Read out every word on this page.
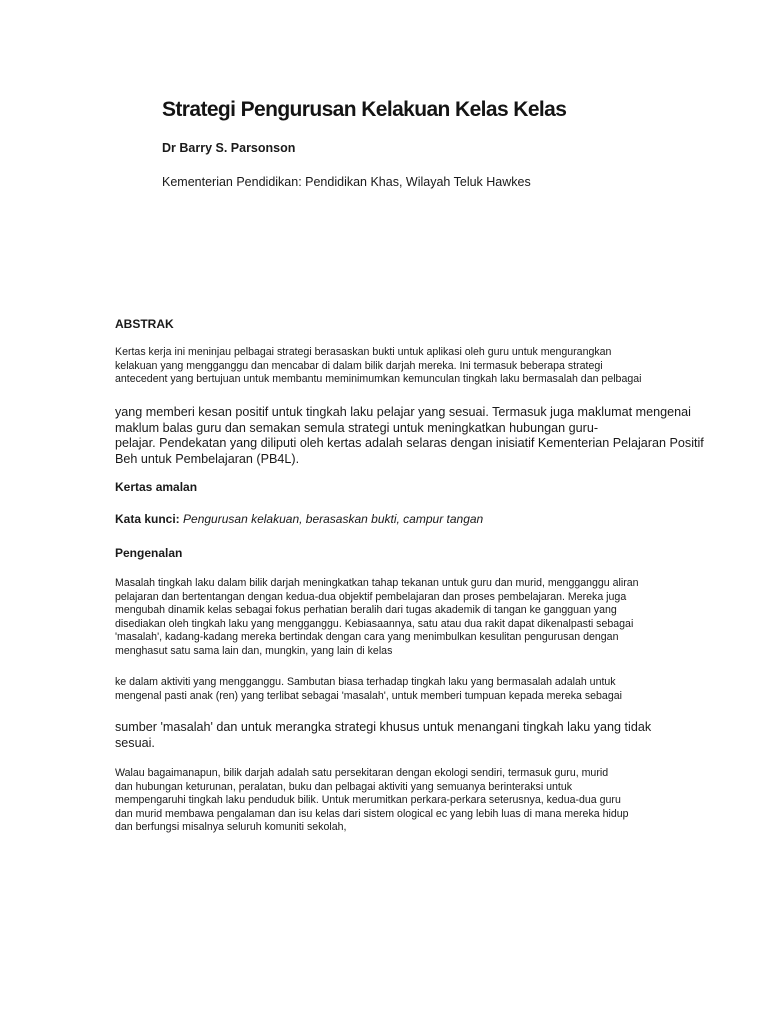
Strategi Pengurusan Kelakuan Kelas Kelas

Dr Barry S. Parsonson

Kementerian Pendidikan: Pendidikan Khas, Wilayah Teluk Hawkes

ABSTRAK

Kertas kerja ini meninjau pelbagai strategi berasaskan bukti untuk aplikasi oleh guru untuk mengurangkan
kelakuan yang mengganggu dan mencabar di dalam bilik darjah mereka. Ini termasuk beberapa strategi
antecedent yang bertujuan untuk membantu meminimumkan kemunculan tingkah laku bermasalah dan pelbagai

yang memberi kesan positif untuk tingkah laku pelajar yang sesuai. Termasuk juga maklumat mengenai
maklum balas guru dan semakan semula strategi untuk meningkatkan hubungan guru-
pelajar. Pendekatan yang diliputi oleh kertas adalah selaras dengan inisiatif Kementerian Pelajaran Positif
Beh untuk Pembelajaran (PB4L).

Kertas amalan

Kata kunci: Pengurusan kelakuan, berasaskan bukti, campur tangan

Pengenalan

Masalah tingkah laku dalam bilik darjah meningkatkan tahap tekanan untuk guru dan murid, mengganggu aliran
pelajaran dan bertentangan dengan kedua-dua objektif pembelajaran dan proses pembelajaran. Mereka juga
mengubah dinamik kelas sebagai fokus perhatian beralih dari tugas akademik di tangan ke gangguan yang
disediakan oleh tingkah laku yang mengganggu. Kebiasaannya, satu atau dua rakit dapat dikenalpasti sebagai
'masalah', kadang-kadang mereka bertindak dengan cara yang menimbulkan kesulitan pengurusan dengan
menghasut satu sama lain dan, mungkin, yang lain di kelas

ke dalam aktiviti yang mengganggu. Sambutan biasa terhadap tingkah laku yang bermasalah adalah untuk
mengenal pasti anak (ren) yang terlibat sebagai 'masalah', untuk memberi tumpuan kepada mereka sebagai

sumber 'masalah' dan untuk merangka strategi khusus untuk menangani tingkah laku yang tidak
sesuai.

Walau bagaimanapun, bilik darjah adalah satu persekitaran dengan ekologi sendiri, termasuk guru, murid
dan hubungan keturunan, peralatan, buku dan pelbagai aktiviti yang semuanya berinteraksi untuk
mempengaruhi tingkah laku penduduk bilik. Untuk merumitkan perkara-perkara seterusnya, kedua-dua guru
dan murid membawa pengalaman dan isu kelas dari sistem ological ec yang lebih luas di mana mereka hidup
dan berfungsi misalnya seluruh komuniti sekolah,
